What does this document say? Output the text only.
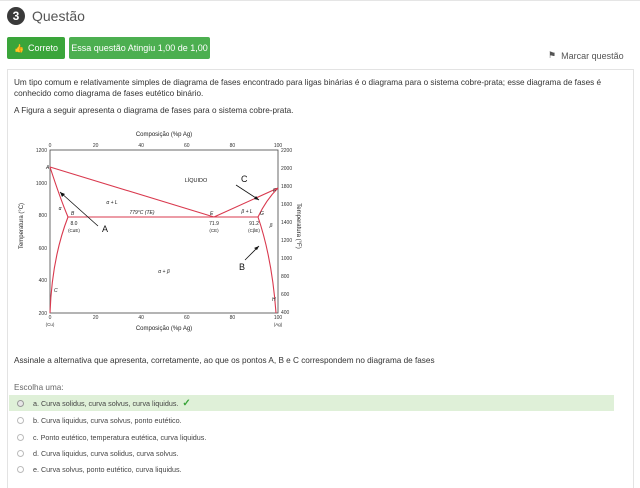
3 Questão
👍 Correto Essa questão Atingiu 1,00 de 1,00
⚑ Marcar questão
Um tipo comum e relativamente simples de diagrama de fases encontrado para ligas binárias é o diagrama para o sistema cobre-prata; esse diagrama de fases é conhecido como diagrama de fases eutético binário.
A Figura a seguir apresenta o diagrama de fases para o sistema cobre-prata.
Composição (%p Ag)
Composição (%p Ag)
Temperatura (°C)	Temperatura (°F)
0	20	40	60	80	100
0	20	40	60	80	100
(Cu)	(Ag)
1200
1000
800
600
400
200
2200
2000
1800
1600
1400
1200
1000
800
600
400
LÍQUIDO
α + L
β + L
α + β
α
β
779°C (TE)
8.0
(CαE)
71.9
(CE)
91.2
(CβE)
A
B
C
E
F
G
H
A
B
C
Assinale a alternativa que apresenta, corretamente, ao que os pontos A, B e C correspondem no diagrama de fases
Escolha uma:
a. Curva solidus, curva solvus, curva liquidus. ✓
b. Curva liquidus, curva solvus, ponto eutético.
c. Ponto eutético, temperatura eutética, curva liquidus.
d. Curva liquidus, curva solidus, curva solvus.
e. Curva solvus, ponto eutético, curva liquidus.
